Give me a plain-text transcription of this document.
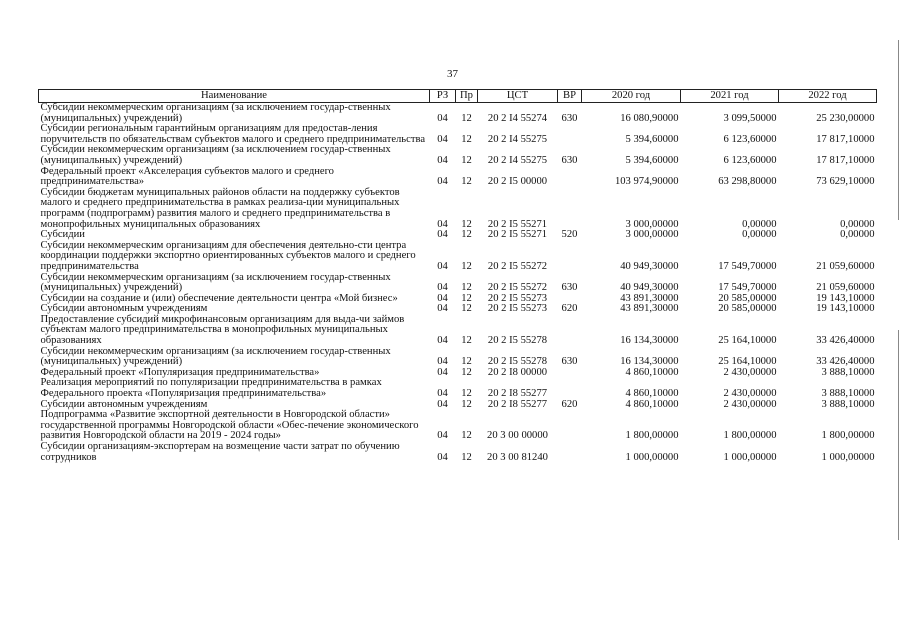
37
Наименование	РЗ	Пр	ЦСТ	ВР	2020 год	2021 год	2022 год
Субсидии некоммерческим организациям (за исключением государ-ственных (муниципальных) учреждений)	04	12	20 2 I4 55274	630	16 080,90000	3 099,50000	25 230,00000
Субсидии региональным гарантийным организациям для предостав-ления поручительств по обязательствам субъектов малого и среднего предпринимательства	04	12	20 2 I4 55275		5 394,60000	6 123,60000	17 817,10000
Субсидии некоммерческим организациям (за исключением государ-ственных (муниципальных) учреждений)	04	12	20 2 I4 55275	630	5 394,60000	6 123,60000	17 817,10000
Федеральный проект «Акселерация субъектов малого и среднего предпринимательства»	04	12	20 2 I5 00000		103 974,90000	63 298,80000	73 629,10000
Субсидии бюджетам муниципальных районов области на поддержку субъектов малого и среднего предпринимательства в рамках реализа-ции муниципальных программ (подпрограмм) развития малого и среднего предпринимательства в монопрофильных муниципальных образованиях	04	12	20 2 I5 55271		3 000,00000	0,00000	0,00000
Субсидии	04	12	20 2 I5 55271	520	3 000,00000	0,00000	0,00000
Субсидии некоммерческим организациям для обеспечения деятельно-сти центра координации поддержки экспортно ориентированных субъектов малого и среднего предпринимательства	04	12	20 2 I5 55272		40 949,30000	17 549,70000	21 059,60000
Субсидии некоммерческим организациям (за исключением государ-ственных (муниципальных) учреждений)	04	12	20 2 I5 55272	630	40 949,30000	17 549,70000	21 059,60000
Субсидии на создание и (или) обеспечение деятельности центра «Мой бизнес»	04	12	20 2 I5 55273		43 891,30000	20 585,00000	19 143,10000
Субсидии автономным учреждениям	04	12	20 2 I5 55273	620	43 891,30000	20 585,00000	19 143,10000
Предоставление субсидий микрофинансовым организациям для выда-чи займов субъектам малого предпринимательства в монопрофильных муниципальных образованиях	04	12	20 2 I5 55278		16 134,30000	25 164,10000	33 426,40000
Субсидии некоммерческим организациям (за исключением государ-ственных (муниципальных) учреждений)	04	12	20 2 I5 55278	630	16 134,30000	25 164,10000	33 426,40000
Федеральный проект «Популяризация предпринимательства»	04	12	20 2 I8 00000		4 860,10000	2 430,00000	3 888,10000
Реализация мероприятий по популяризации предпринимательства в рамках Федерального проекта «Популяризация предпринимательства»	04	12	20 2 I8 55277		4 860,10000	2 430,00000	3 888,10000
Субсидии автономным учреждениям	04	12	20 2 I8 55277	620	4 860,10000	2 430,00000	3 888,10000
Подпрограмма «Развитие экспортной деятельности в Новгородской области» государственной программы Новгородской области «Обес-печение экономического развития Новгородской области на 2019 - 2024 годы»	04	12	20 3 00 00000		1 800,00000	1 800,00000	1 800,00000
Субсидии организациям-экспортерам на возмещение части затрат по обучению сотрудников	04	12	20 3 00 81240		1 000,00000	1 000,00000	1 000,00000
